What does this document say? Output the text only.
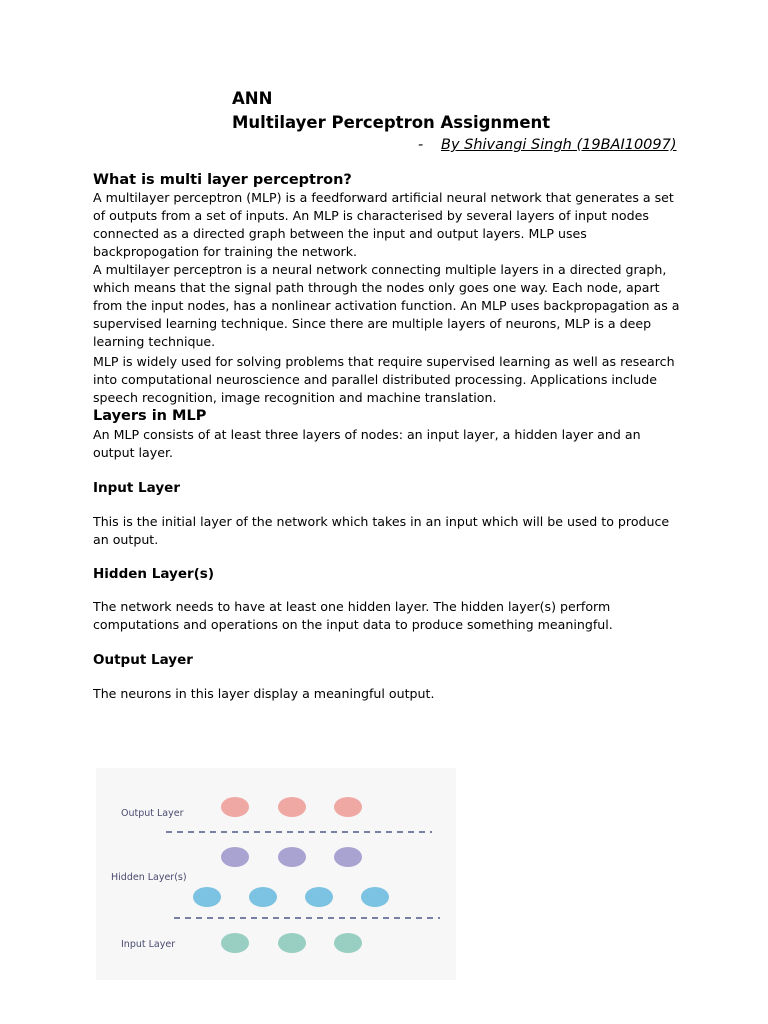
ANN
Multilayer Perceptron Assignment
- By Shivangi Singh (19BAI10097)
What is multi layer perceptron?
A multilayer perceptron (MLP) is a feedforward artificial neural network that generates a set of outputs from a set of inputs. An MLP is characterised by several layers of input nodes connected as a directed graph between the input and output layers. MLP uses backpropogation for training the network.
A multilayer perceptron is a neural network connecting multiple layers in a directed graph, which means that the signal path through the nodes only goes one way. Each node, apart from the input nodes, has a nonlinear activation function. An MLP uses backpropagation as a supervised learning technique. Since there are multiple layers of neurons, MLP is a deep learning technique.
MLP is widely used for solving problems that require supervised learning as well as research into computational neuroscience and parallel distributed processing. Applications include speech recognition, image recognition and machine translation.
Layers in MLP
An MLP consists of at least three layers of nodes: an input layer, a hidden layer and an output layer.
Input Layer
This is the initial layer of the network which takes in an input which will be used to produce an output.
Hidden Layer(s)
The network needs to have at least one hidden layer. The hidden layer(s) perform computations and operations on the input data to produce something meaningful.
Output Layer
The neurons in this layer display a meaningful output.
Output Layer
Hidden Layer(s)
Input Layer
